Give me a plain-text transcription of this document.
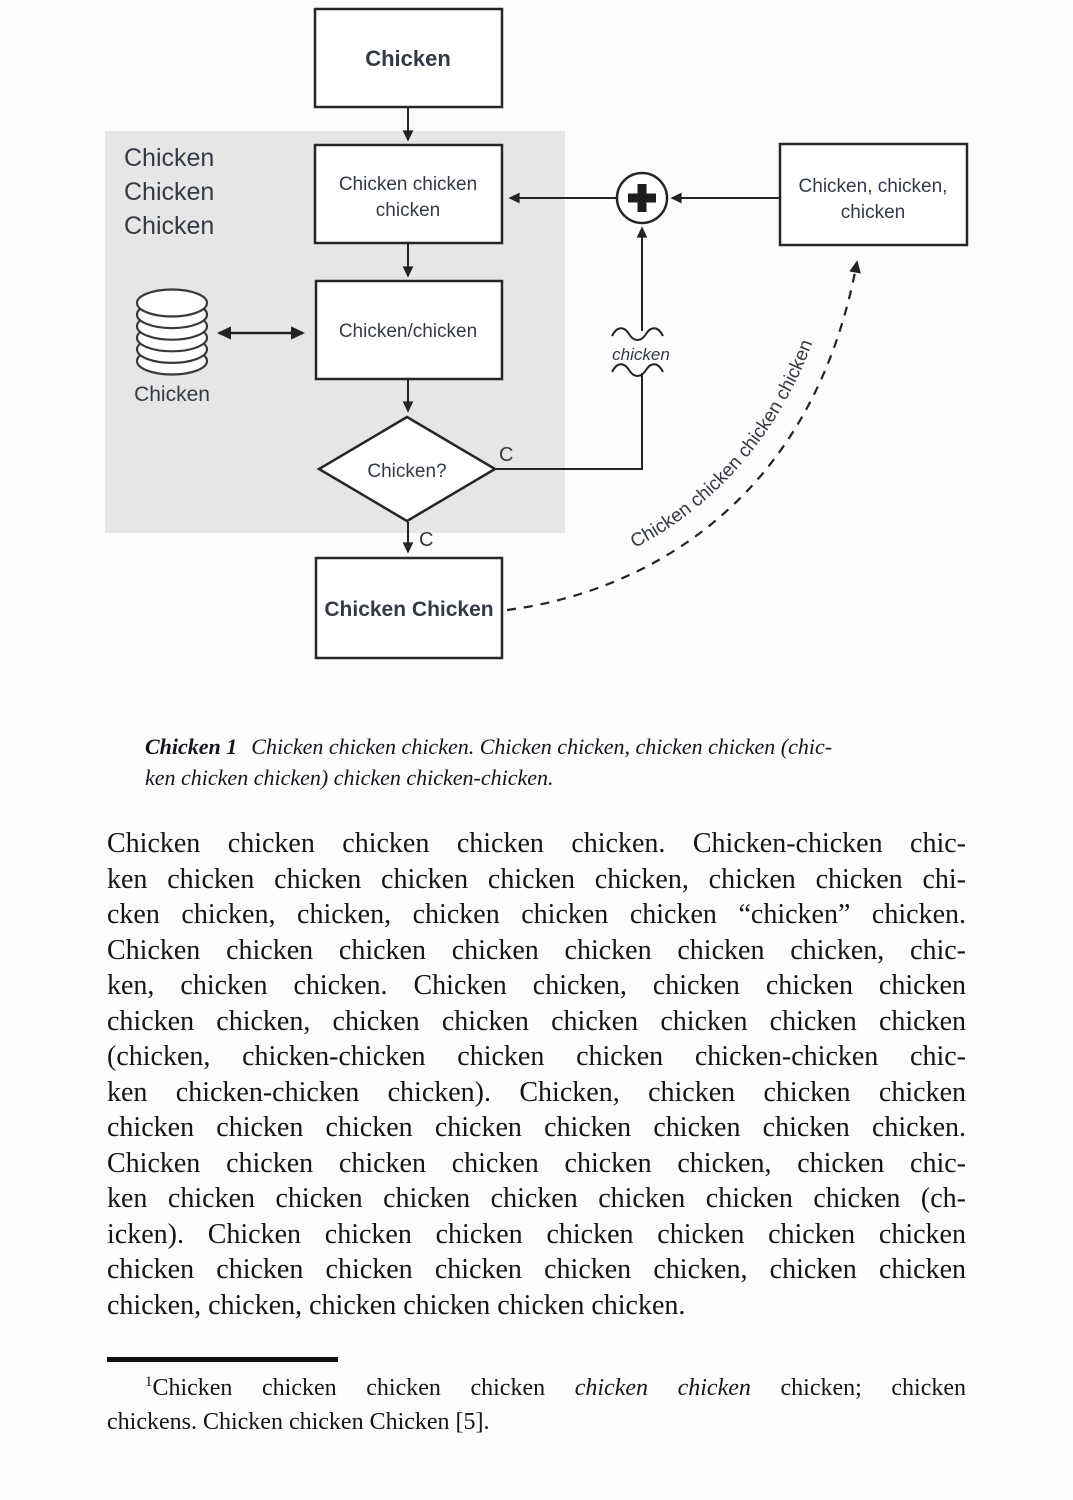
chicken
Chicken chicken chicken chicken
Chicken
Chicken chicken
chicken
Chicken/chicken
Chicken?
Chicken Chicken
Chicken, chicken,
chicken
C
C
Chicken
Chicken
Chicken
Chicken
Chicken 1 Chicken chicken chicken. Chicken chicken, chicken chicken (chic-
ken chicken chicken) chicken chicken-chicken.
Chicken chicken chicken chicken chicken. Chicken-chicken chic-
ken chicken chicken chicken chicken chicken, chicken chicken chi-
cken chicken, chicken, chicken chicken chicken “chicken” chicken.
Chicken chicken chicken chicken chicken chicken chicken, chic-
ken, chicken chicken. Chicken chicken, chicken chicken chicken
chicken chicken, chicken chicken chicken chicken chicken chicken
(chicken, chicken-chicken chicken chicken chicken-chicken chic-
ken chicken-chicken chicken). Chicken, chicken chicken chicken
chicken chicken chicken chicken chicken chicken chicken chicken.
Chicken chicken chicken chicken chicken chicken, chicken chic-
ken chicken chicken chicken chicken chicken chicken chicken (ch-
icken). Chicken chicken chicken chicken chicken chicken chicken
chicken chicken chicken chicken chicken chicken, chicken chicken
chicken, chicken, chicken chicken chicken chicken.
$^1$Chicken chicken chicken chicken chicken chicken chicken; chicken
chickens. Chicken chicken Chicken [5].
